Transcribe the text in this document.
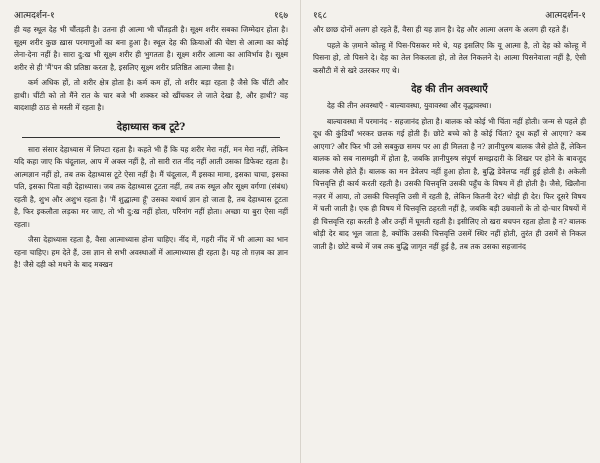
आत्मदर्शन-१	१६७

ही यह स्थूल देह भी चौंतड़ती है। उतना ही आत्मा भी चौंतड़ती है। सूक्ष्म शरीर सबका जिम्मेदार होता है। सूक्ष्म शरीर कुछ ख़ास परमाणुओं का बना हुआ है। स्थूल देह की क्रियाओं की चेष्टा से आत्मा का कोई लेना-देना नहीं है। सारा दु:ख भी सूक्ष्म शरीर ही भुगतता है। सूक्ष्म शरीर आत्मा का आविर्भाव है। सूक्ष्म शरीर से ही 'मैं'पन की प्रतिष्ठा करता है, इसलिए सूक्ष्म शरीर प्रतिष्ठित आत्मा जैसा है।

कर्म अधिक हों, तो शरीर क्षेत्र होता है। कर्म कम हों, तो शरीर बड़ा रहता है जैसे कि चींटी और हाथी। चींटी को तो मैंने रात के चार बजे भी शक्कर को खींचकर ले जाते देखा है, और हाथी? वह बादशाही ठाठ से मस्ती में रहता है।

देहाध्यास कब टूटे?

सारा संसार देहाध्यास में लिपटा रहता है। कहते भी हैं कि यह शरीर मेरा नहीं, मन मेरा नहीं, लेकिन यदि कहा जाए कि चंदूलाल, आप में अक्ल नहीं है, तो सारी रात नींद नहीं आती उसका डिफेक्ट रहता है। आत्मज्ञान नहीं हो, तब तक देहाध्यास टूटे ऐसा नहीं है। मैं चंदूलाल, मैं इसका मामा, इसका चाचा, इसका पति, इसका पिता वही देहाध्यास। जब तक देहाध्यास टूटता नहीं, तब तक स्थूल और सूक्ष्म वर्गणा (संबंध) रहती है, शुभ और अशुभ रहता है। 'मैं शुद्धात्मा हूँ' उसका यथार्थ ज्ञान हो जाता है, तब देहाध्यास टूटता है, फिर इकलौता लड़का मर जाए, तो भी दु:ख नहीं होता, परिनांग नहीं होता। अच्छा या बुरा ऐसा नहीं रहता।

जैसा देहाध्यास रहता है, वैसा आत्माध्यास होना चाहिए। नींद में, गहरी नींद में भी आत्मा का भान रहना चाहिए। हम देते हैं, उस ज्ञान से सभी अवस्थाओं में आत्माध्यास ही रहता है। यह तो ग़ज़ब का ज्ञान है! जैसे दही को मथने के बाद मक्खन

१६८	आत्मदर्शन-१

और छाछ दोनों अलग हो रहते हैं, वैसा ही यह ज्ञान है। देह और आत्मा अलग के अलग ही रहते हैं।

पहले के ज़माने कोल्हू में पिस-पिसकर मरे थे, यह इसलिए कि यू आत्मा है, तो देह को कोल्हू में पिसना हो, तो पिसने दे। देह का तेल निकलता हो, तो तेल निकलने दे। आत्मा पिसनेवाला नहीं है, ऐसी कसौटी में से खरे उतरकर गए थे।

देह की तीन अवस्थाएँ

देह की तीन अवस्थाएँ - बाल्यावस्था, युवावस्था और वृद्धावस्था।

बाल्यावस्था में परमानंद - सहजानंद होता है। बालक को कोई भी चिंता नहीं होती। जन्म से पहले ही दूध की कुंडियाँ भरकर छलक गई होती हैं। छोटे बच्चे को है कोई चिंता? दूध कहाँ से आएगा? कब आएगा? और फिर भी उसे सबकुछ समय पर आ ही मिलता है न? ज्ञानीपुरुष बालक जैसे होते हैं, लेकिन बालक को सब नासमझी में होता है, जबकि ज्ञानीपुरुष संपूर्ण समझदारी के शिखर पर होने के बावजूद बालक जैसे होते हैं। बालक का मन डेवेलप नहीं हुआ होता है, बुद्धि डेवेलप्ड नहीं हुई होती है। अकेली चित्तवृत्ति ही कार्य करती रहती है। उसकी चित्तवृत्ति उसकी पहुँच के विषय में ही होती है। जैसे, खिलौना नज़र में आया, तो उसकी चित्तवृत्ति उसी में रहती है, लेकिन कितनी देर? थोड़ी ही देर। फिर दूसरे विषय में चली जाती है। एक ही विषय में चित्तवृत्ति ठहरती नहीं है, जबकि बड़ी उम्रवालों के तो दो-चार विषयों में ही चित्तवृत्ति रहा करती है और उन्हीं में घूमती रहती है। इसीलिए तो खरा बचपन रहता होता है न? बालक थोड़ी देर बाद भूल जाता है, क्योंकि उसकी चित्तवृत्ति उसमें स्थिर नहीं होती, तुरंत ही उसमें से निकल जाती है। छोटे बच्चे में जब तक बुद्धि जागृत नहीं हुई है, तब तक उसका सहजानंद
